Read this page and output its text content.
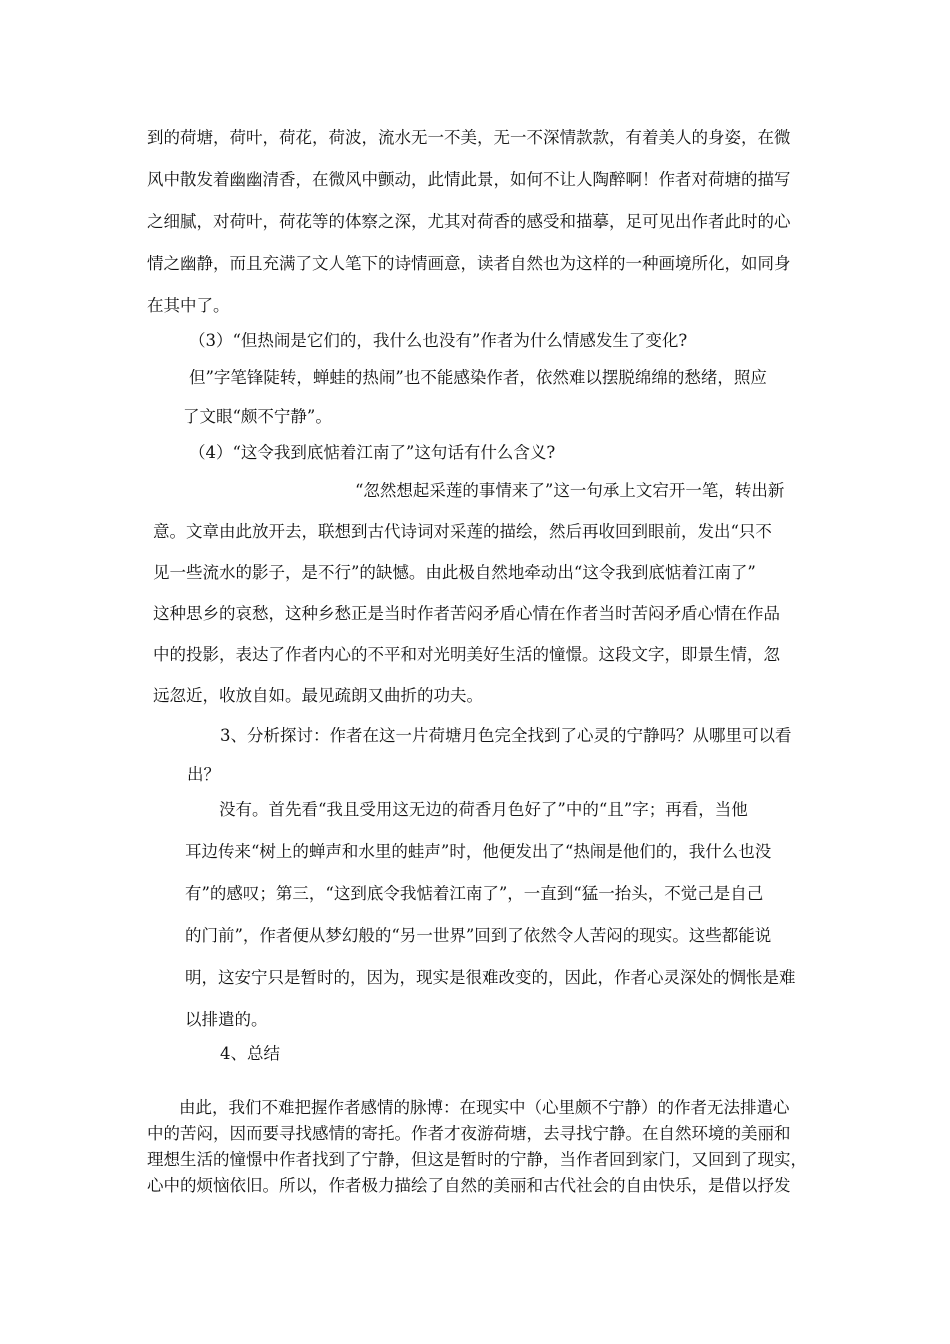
到的荷塘，荷叶，荷花，荷波，流水无一不美，无一不深情款款，有着美人的身姿，在微
风中散发着幽幽清香，在微风中颤动，此情此景，如何不让人陶醉啊！作者对荷塘的描写
之细腻，对荷叶，荷花等的体察之深，尤其对荷香的感受和描摹，足可见出作者此时的心
情之幽静，而且充满了文人笔下的诗情画意，读者自然也为这样的一种画境所化，如同身
在其中了。
（3）“但热闹是它们的，我什么也没有”作者为什么情感发生了变化?
但”字笔锋陡转，蝉蛙的热闹”也不能感染作者，依然难以摆脱绵绵的愁绪，照应
了文眼“颇不宁静”。
（4）“这令我到底惦着江南了”这句话有什么含义?
“忽然想起采莲的事情来了”这一句承上文宕开一笔，转出新
意。文章由此放开去，联想到古代诗词对采莲的描绘，然后再收回到眼前，发出“只不
见一些流水的影子，是不行”的缺憾。由此极自然地牵动出“这令我到底惦着江南了”
这种思乡的哀愁，这种乡愁正是当时作者苦闷矛盾心情在作者当时苦闷矛盾心情在作品
中的投影，表达了作者内心的不平和对光明美好生活的憧憬。这段文字，即景生情，忽
远忽近，收放自如。最见疏朗又曲折的功夫。
3、分析探讨：作者在这一片荷塘月色完全找到了心灵的宁静吗？从哪里可以看
出？
没有。首先看“我且受用这无边的荷香月色好了”中的“且”字；再看，当他
耳边传来“树上的蝉声和水里的蛙声”时，他便发出了“热闹是他们的，我什么也没
有”的感叹；第三，“这到底令我惦着江南了”，一直到“猛一抬头，不觉己是自己
的门前”，作者便从梦幻般的“另一世界”回到了依然令人苦闷的现实。这些都能说
明，这安宁只是暂时的，因为，现实是很难改变的，因此，作者心灵深处的惆怅是难
以排遣的。
4、总结
由此，我们不难把握作者感情的脉博：在现实中（心里颇不宁静）的作者无法排遣心
中的苦闷，因而要寻找感情的寄托。作者才夜游荷塘，去寻找宁静。在自然环境的美丽和
理想生活的憧憬中作者找到了宁静，但这是暂时的宁静，当作者回到家门，又回到了现实，
心中的烦恼依旧。所以，作者极力描绘了自然的美丽和古代社会的自由快乐，是借以抒发
